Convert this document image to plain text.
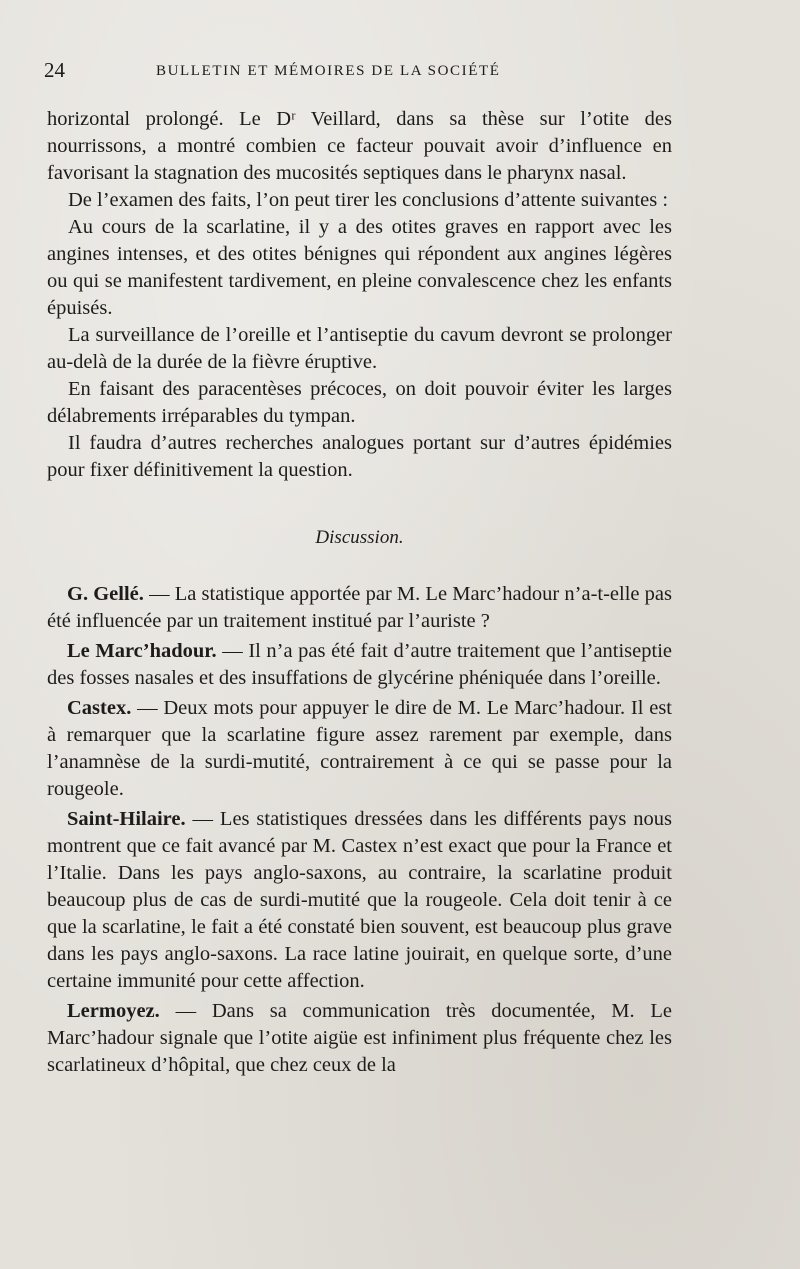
24	BULLETIN ET MÉMOIRES DE LA SOCIÉTÉ

horizontal prolongé. Le Dʳ Veillard, dans sa thèse sur l’otite des nourrissons, a montré combien ce facteur pouvait avoir d’influence en favorisant la stagnation des mucosités septiques dans le pharynx nasal.

De l’examen des faits, l’on peut tirer les conclusions d’attente suivantes :

Au cours de la scarlatine, il y a des otites graves en rapport avec les angines intenses, et des otites bénignes qui répondent aux angines légères ou qui se manifestent tardivement, en pleine convalescence chez les enfants épuisés.

La surveillance de l’oreille et l’antiseptie du cavum devront se prolonger au-delà de la durée de la fièvre éruptive.

En faisant des paracentèses précoces, on doit pouvoir éviter les larges délabrements irréparables du tympan.

Il faudra d’autres recherches analogues portant sur d’autres épidémies pour fixer définitivement la question.

Discussion.

G. Gellé. — La statistique apportée par M. Le Marc’hadour n’a-t-elle pas été influencée par un traitement institué par l’auriste ?

Le Marc’hadour. — Il n’a pas été fait d’autre traitement que l’antiseptie des fosses nasales et des insuffations de glycérine phéniquée dans l’oreille.

Castex. — Deux mots pour appuyer le dire de M. Le Marc’hadour. Il est à remarquer que la scarlatine figure assez rarement par exemple, dans l’anamnèse de la surdi-mutité, contrairement à ce qui se passe pour la rougeole.

Saint-Hilaire. — Les statistiques dressées dans les différents pays nous montrent que ce fait avancé par M. Castex n’est exact que pour la France et l’Italie. Dans les pays anglo-saxons, au contraire, la scarlatine produit beaucoup plus de cas de surdi-mutité que la rougeole. Cela doit tenir à ce que la scarlatine, le fait a été constaté bien souvent, est beaucoup plus grave dans les pays anglo-saxons. La race latine jouirait, en quelque sorte, d’une certaine immunité pour cette affection.

Lermoyez. — Dans sa communication très documentée, M. Le Marc’hadour signale que l’otite aigüe est infiniment plus fréquente chez les scarlatineux d’hôpital, que chez ceux de la
